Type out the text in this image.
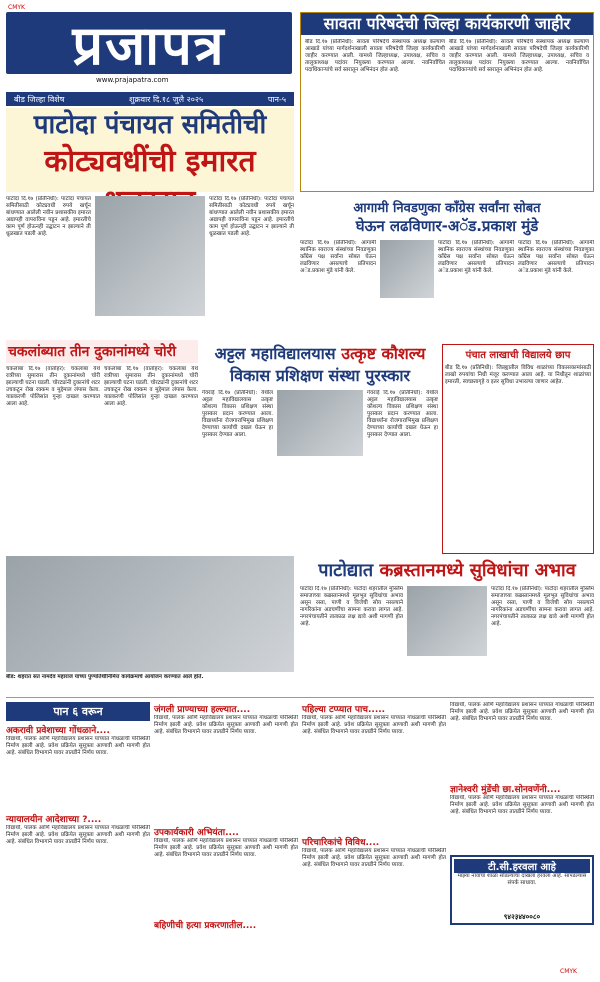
CMYK
CMYK
प्रजापत्र
www.prajapatra.com
सावता परिषदेची जिल्हा कार्यकारणी जाहीर
बीड दि.१७ (प्रतिनिधी): सावता परिषदेचे संस्थापक अध्यक्ष कल्याण आखाडे यांच्या मार्गदर्शनाखाली सावता परिषदेची जिल्हा कार्यकारिणी जाहीर करण्यात आली. यामध्ये जिल्हाध्यक्ष, उपाध्यक्ष, सचिव व तालुकाध्यक्ष पदांवर नियुक्त्या करण्यात आल्या. नवनिर्वाचित पदाधिकाऱ्यांचे सर्व स्तरातून अभिनंदन होत आहे.
बीड दि.१७ (प्रतिनिधी): सावता परिषदेचे संस्थापक अध्यक्ष कल्याण आखाडे यांच्या मार्गदर्शनाखाली सावता परिषदेची जिल्हा कार्यकारिणी जाहीर करण्यात आली. यामध्ये जिल्हाध्यक्ष, उपाध्यक्ष, सचिव व तालुकाध्यक्ष पदांवर नियुक्त्या करण्यात आल्या. नवनिर्वाचित पदाधिकाऱ्यांचे सर्व स्तरातून अभिनंदन होत आहे.
बीड जिल्हा विशेष	शुक्रवार दि.१८ जुलै २०२५	पान-५
पाटोदा पंचायत समितीची
कोट्यवधींची इमारत
पाटोदा दि.१७ (प्रतिनिधी): पाटोदा पंचायत समितीसाठी कोट्यवधी रुपये खर्चून बांधण्यात आलेली नवीन प्रशासकीय इमारत अद्यापही वापराविना पडून आहे. इमारतीचे काम पूर्ण होऊनही उद्घाटन न झाल्याने ती धूळखात पडली आहे.
पाटोदा दि.१७ (प्रतिनिधी): पाटोदा पंचायत समितीसाठी कोट्यवधी रुपये खर्चून बांधण्यात आलेली नवीन प्रशासकीय इमारत अद्यापही वापराविना पडून आहे. इमारतीचे काम पूर्ण होऊनही उद्घाटन न झाल्याने ती धूळखात पडली आहे.
आगामी निवडणुका काँग्रेस सर्वांना सोबत
घेऊन लढविणार-अॅड.प्रकाश मुंडे
पाटोदा दि.१७ (प्रतिनिधी): आगामी स्थानिक स्वराज्य संस्थांच्या निवडणुका काँग्रेस पक्ष सर्वांना सोबत घेऊन लढविणार असल्याचे प्रतिपादन अॅड.प्रकाश मुंडे यांनी केले.
पाटोदा दि.१७ (प्रतिनिधी): आगामी स्थानिक स्वराज्य संस्थांच्या निवडणुका काँग्रेस पक्ष सर्वांना सोबत घेऊन लढविणार असल्याचे प्रतिपादन अॅड.प्रकाश मुंडे यांनी केले.
पाटोदा दि.१७ (प्रतिनिधी): आगामी स्थानिक स्वराज्य संस्थांच्या निवडणुका काँग्रेस पक्ष सर्वांना सोबत घेऊन लढविणार असल्याचे प्रतिपादन अॅड.प्रकाश मुंडे यांनी केले.
चकलांब्यात तीन दुकानांमध्ये चोरी
चकलांबा दि.१७ (वार्ताहर): चकलांबा येथे रात्रीच्या सुमारास तीन दुकानांमध्ये चोरी झाल्याची घटना घडली. चोरट्यांनी दुकानांचे शटर उचकटून रोख रक्कम व मुद्देमाल लंपास केला. याप्रकरणी पोलिसांत गुन्हा दाखल करण्यात आला आहे.
चकलांबा दि.१७ (वार्ताहर): चकलांबा येथे रात्रीच्या सुमारास तीन दुकानांमध्ये चोरी झाल्याची घटना घडली. चोरट्यांनी दुकानांचे शटर उचकटून रोख रक्कम व मुद्देमाल लंपास केला. याप्रकरणी पोलिसांत गुन्हा दाखल करण्यात आला आहे.
अट्टल महाविद्यालयास उत्कृष्ट कौशल्य
विकास प्रशिक्षण संस्था पुरस्कार
गेवराई दि.१७ (प्रतिनिधी): येथील अट्टल महाविद्यालयास उत्कृष्ट कौशल्य विकास प्रशिक्षण संस्था पुरस्कार प्रदान करण्यात आला. विद्यार्थ्यांना रोजगाराभिमुख प्रशिक्षण देण्याच्या कार्याची दखल घेऊन हा पुरस्कार देण्यात आला.
गेवराई दि.१७ (प्रतिनिधी): येथील अट्टल महाविद्यालयास उत्कृष्ट कौशल्य विकास प्रशिक्षण संस्था पुरस्कार प्रदान करण्यात आला. विद्यार्थ्यांना रोजगाराभिमुख प्रशिक्षण देण्याच्या कार्याची दखल घेऊन हा पुरस्कार देण्यात आला.
पंचात लाखाची विद्यालये छाप
बीड दि.१७ (प्रतिनिधी): जिल्ह्यातील विविध शाळांच्या विकासकामांसाठी लाखो रुपयांचा निधी मंजूर करण्यात आला आहे. या निधीतून शाळांच्या इमारती, स्वच्छतागृहे व इतर सुविधा उभारल्या जाणार आहेत.
बीड: शहरात संत नामदेव महाराज यांच्या पुण्यतिथीनिमित्त कार्यक्रमाचे आयोजन करण्यात आले होते.
पाटोद्यात कब्रस्तानमध्ये सुविधांचा अभाव
पाटोदा दि.१७ (प्रतिनिधी): पाटोदा शहरातील मुस्लिम समाजाच्या कब्रस्तानमध्ये मूलभूत सुविधांचा अभाव असून रस्ता, पाणी व विजेची सोय नसल्याने नागरिकांना अडचणींचा सामना करावा लागत आहे. नगरपंचायतीने तात्काळ लक्ष द्यावे अशी मागणी होत आहे.
पाटोदा दि.१७ (प्रतिनिधी): पाटोदा शहरातील मुस्लिम समाजाच्या कब्रस्तानमध्ये मूलभूत सुविधांचा अभाव असून रस्ता, पाणी व विजेची सोय नसल्याने नागरिकांना अडचणींचा सामना करावा लागत आहे. नगरपंचायतीने तात्काळ लक्ष द्यावे अशी मागणी होत आहे.
पान ६ वरून
अकरावी प्रवेशाच्या गोंधळाने....
विद्यार्थी, पालक आणि महाविद्यालय प्रशासन यांच्यात गोंधळाची परिस्थिती निर्माण झाली आहे. प्रवेश प्रक्रियेत सुसूत्रता आणावी अशी मागणी होत आहे. संबंधित विभागाने यावर तातडीने निर्णय घ्यावा.
न्यायालयीन आदेशाच्या ?....
विद्यार्थी, पालक आणि महाविद्यालय प्रशासन यांच्यात गोंधळाची परिस्थिती निर्माण झाली आहे. प्रवेश प्रक्रियेत सुसूत्रता आणावी अशी मागणी होत आहे. संबंधित विभागाने यावर तातडीने निर्णय घ्यावा.
जंगली प्राण्याच्या हल्ल्यात....
विद्यार्थी, पालक आणि महाविद्यालय प्रशासन यांच्यात गोंधळाची परिस्थिती निर्माण झाली आहे. प्रवेश प्रक्रियेत सुसूत्रता आणावी अशी मागणी होत आहे. संबंधित विभागाने यावर तातडीने निर्णय घ्यावा.
उपकार्यकारी अभियंता....
विद्यार्थी, पालक आणि महाविद्यालय प्रशासन यांच्यात गोंधळाची परिस्थिती निर्माण झाली आहे. प्रवेश प्रक्रियेत सुसूत्रता आणावी अशी मागणी होत आहे. संबंधित विभागाने यावर तातडीने निर्णय घ्यावा.
बहिणीची हत्या प्रकरणातील....
पहिल्या टप्प्यात पाच.....
विद्यार्थी, पालक आणि महाविद्यालय प्रशासन यांच्यात गोंधळाची परिस्थिती निर्माण झाली आहे. प्रवेश प्रक्रियेत सुसूत्रता आणावी अशी मागणी होत आहे. संबंधित विभागाने यावर तातडीने निर्णय घ्यावा.
परिचारिकांचे विविध....
विद्यार्थी, पालक आणि महाविद्यालय प्रशासन यांच्यात गोंधळाची परिस्थिती निर्माण झाली आहे. प्रवेश प्रक्रियेत सुसूत्रता आणावी अशी मागणी होत आहे. संबंधित विभागाने यावर तातडीने निर्णय घ्यावा.
विद्यार्थी, पालक आणि महाविद्यालय प्रशासन यांच्यात गोंधळाची परिस्थिती निर्माण झाली आहे. प्रवेश प्रक्रियेत सुसूत्रता आणावी अशी मागणी होत आहे. संबंधित विभागाने यावर तातडीने निर्णय घ्यावा.
ज्ञानेश्वरी मुंडेंची छा.सोनवणेंनी....
विद्यार्थी, पालक आणि महाविद्यालय प्रशासन यांच्यात गोंधळाची परिस्थिती निर्माण झाली आहे. प्रवेश प्रक्रियेत सुसूत्रता आणावी अशी मागणी होत आहे. संबंधित विभागाने यावर तातडीने निर्णय घ्यावा.
टी.सी.हरवला आहे
माझ्या नावाचा शाळा सोडल्याचा दाखला हरवला आहे. सापडल्यास संपर्क साधावा.
९४२३४४००८०
